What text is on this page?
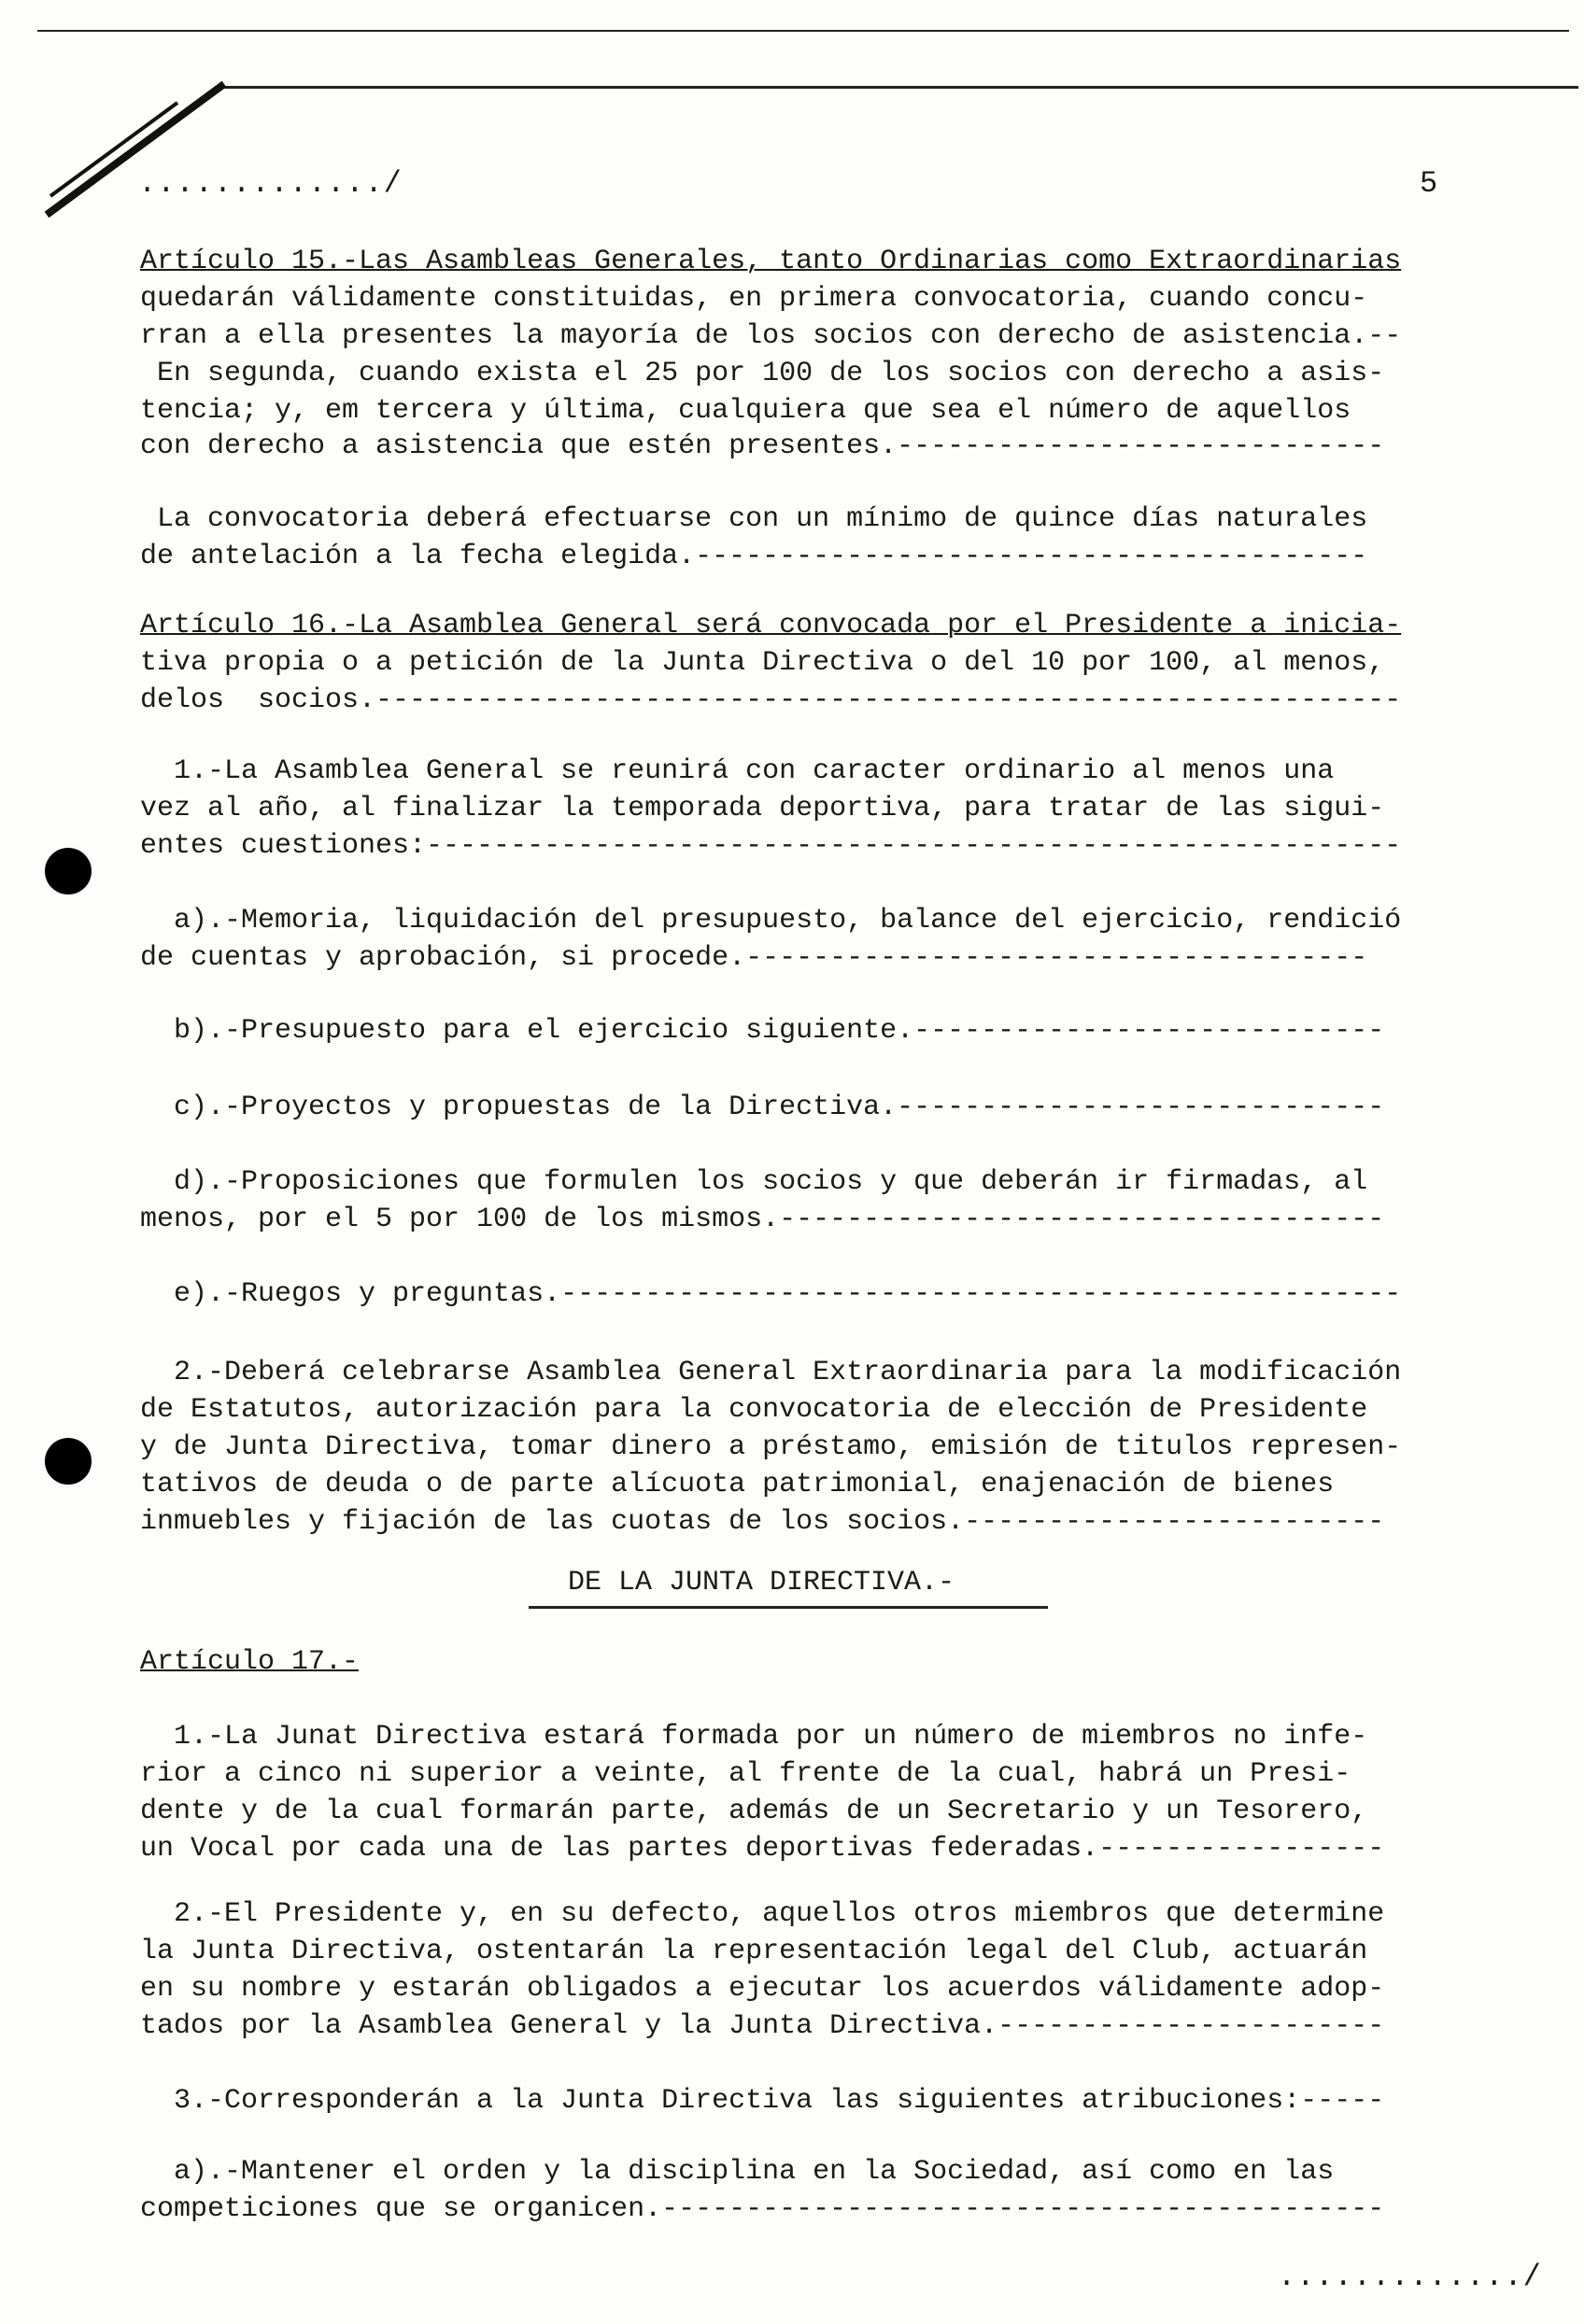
............./	5
Artículo 15.-Las Asambleas Generales, tanto Ordinarias como Extraordinarias
quedarán válidamente constituidas, en primera convocatoria, cuando concu-
rran a ella presentes la mayoría de los socios con derecho de asistencia.--
En segunda, cuando exista el 25 por 100 de los socios con derecho a asis-
tencia; y, em tercera y última, cualquiera que sea el número de aquellos
con derecho a asistencia que estén presentes.-----------------------------
La convocatoria deberá efectuarse con un mínimo de quince días naturales
de antelación a la fecha elegida.----------------------------------------
Artículo 16.-La Asamblea General será convocada por el Presidente a inicia-
tiva propia o a petición de la Junta Directiva o del 10 por 100, al menos,
delos  socios.-------------------------------------------------------------
1.-La Asamblea General se reunirá con caracter ordinario al menos una
vez al año, al finalizar la temporada deportiva, para tratar de las sigui-
entes cuestiones:----------------------------------------------------------
a).-Memoria, liquidación del presupuesto, balance del ejercicio, rendició
de cuentas y aprobación, si procede.-------------------------------------
b).-Presupuesto para el ejercicio siguiente.----------------------------
c).-Proyectos y propuestas de la Directiva.-----------------------------
d).-Proposiciones que formulen los socios y que deberán ir firmadas, al
menos, por el 5 por 100 de los mismos.------------------------------------
e).-Ruegos y preguntas.--------------------------------------------------
2.-Deberá celebrarse Asamblea General Extraordinaria para la modificación
de Estatutos, autorización para la convocatoria de elección de Presidente
y de Junta Directiva, tomar dinero a préstamo, emisión de titulos represen-
tativos de deuda o de parte alícuota patrimonial, enajenación de bienes
inmuebles y fijación de las cuotas de los socios.-------------------------
DE LA JUNTA DIRECTIVA.-
Artículo 17.-
1.-La Junat Directiva estará formada por un número de miembros no infe-
rior a cinco ni superior a veinte, al frente de la cual, habrá un Presi-
dente y de la cual formarán parte, además de un Secretario y un Tesorero,
un Vocal por cada una de las partes deportivas federadas.-----------------
2.-El Presidente y, en su defecto, aquellos otros miembros que determine
la Junta Directiva, ostentarán la representación legal del Club, actuarán
en su nombre y estarán obligados a ejecutar los acuerdos válidamente adop-
tados por la Asamblea General y la Junta Directiva.-----------------------
3.-Corresponderán a la Junta Directiva las siguientes atribuciones:-----
a).-Mantener el orden y la disciplina en la Sociedad, así como en las
competiciones que se organicen.-------------------------------------------
............./
